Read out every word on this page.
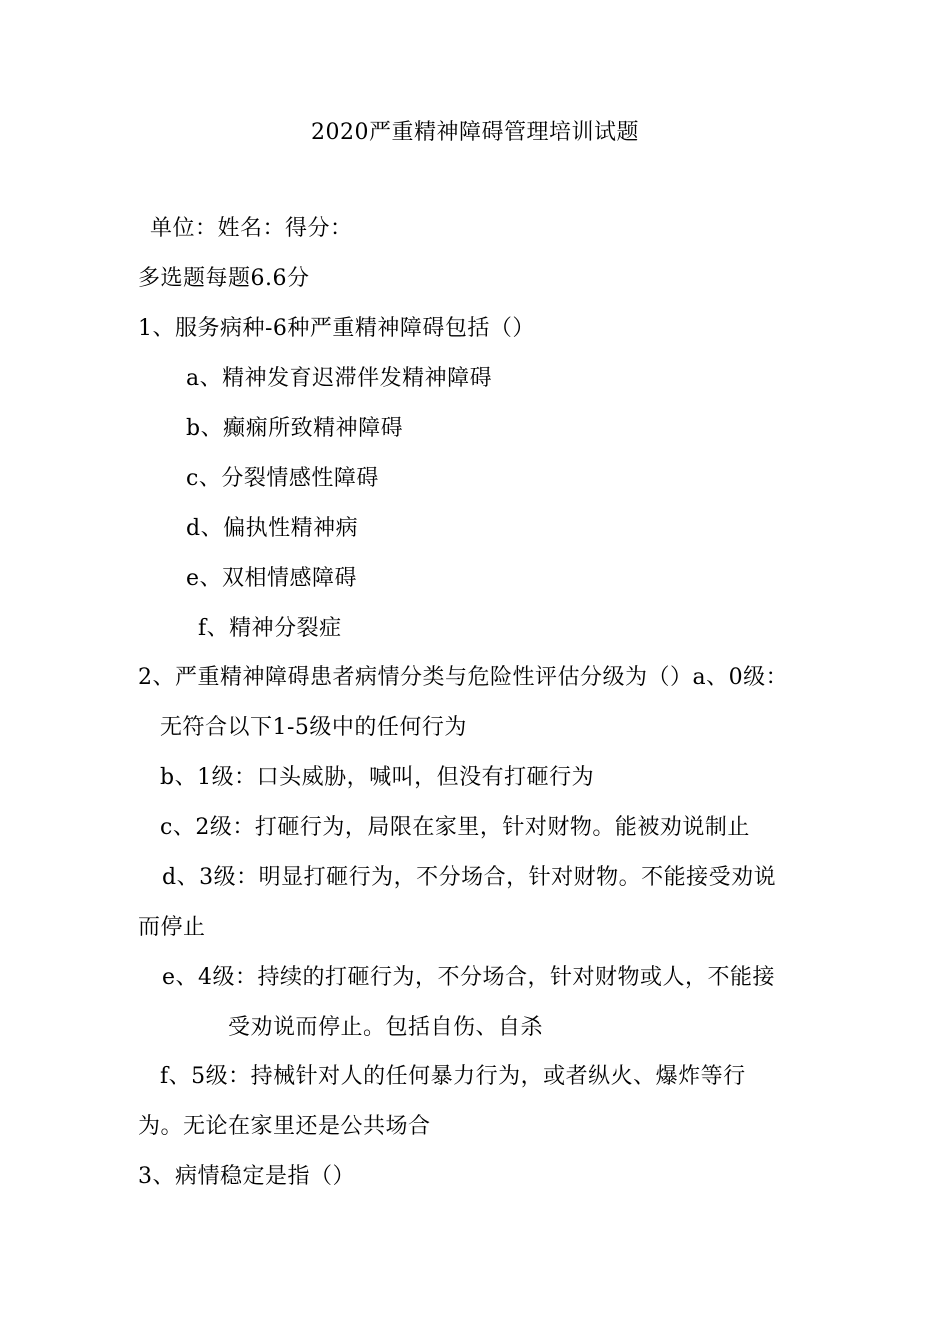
2020严重精神障碍管理培训试题
单位：姓名：得分：
多选题每题6.6分
1、服务病种-6种严重精神障碍包括（）
a、精神发育迟滞伴发精神障碍
b、癫痫所致精神障碍
c、分裂情感性障碍
d、偏执性精神病
e、双相情感障碍
f、精神分裂症
2、严重精神障碍患者病情分类与危险性评估分级为（）a、0级：
无符合以下1-5级中的任何行为
b、1级：口头威胁，喊叫，但没有打砸行为
c、2级：打砸行为，局限在家里，针对财物。能被劝说制止
d、3级：明显打砸行为，不分场合，针对财物。不能接受劝说
而停止
e、4级：持续的打砸行为，不分场合，针对财物或人，不能接
受劝说而停止。包括自伤、自杀
f、5级：持械针对人的任何暴力行为，或者纵火、爆炸等行
为。无论在家里还是公共场合
3、病情稳定是指（）
